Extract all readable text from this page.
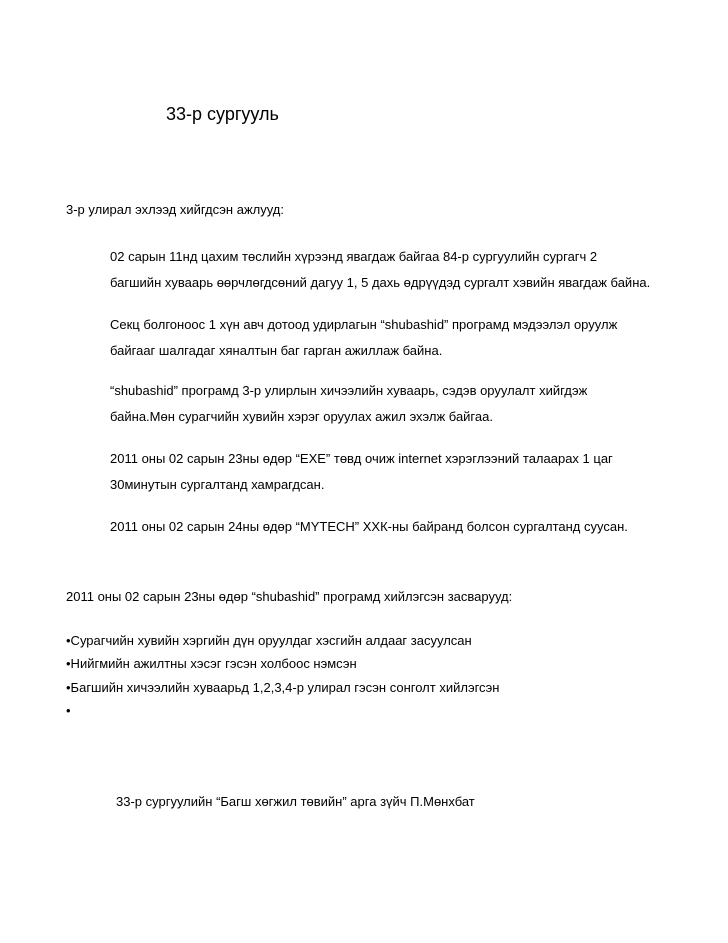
33-р сургууль

3-р улирал эхлээд хийгдсэн ажлууд:

02 сарын 11нд цахим төслийн хүрээнд явагдаж байгаа 84-р сургуулийн сургагч 2
багшийн хуваарь өөрчлөгдсөний дагуу 1, 5 дахь өдрүүдэд сургалт хэвийн явагдаж байна.
Секц болгоноос 1 хүн авч дотоод удирлагын “shubashid” програмд мэдээлэл оруулж
байгааг шалгадаг хяналтын баг гарган ажиллаж байна.
“shubashid” програмд 3-р улирлын хичээлийн хуваарь, сэдэв оруулалт хийгдэж
байна.Мөн сурагчийн хувийн хэрэг оруулах ажил эхэлж байгаа.
2011 оны 02 сарын 23ны өдөр “EXE” төвд очиж internet хэрэглээний талаарах 1 цаг
30минутын сургалтанд хамрагдсан.
2011 оны 02 сарын 24ны өдөр “MYTECH” ХХК-ны байранд болсон сургалтанд суусан.

2011 оны 02 сарын 23ны өдөр “shubashid” програмд хийлэгсэн засварууд:

•Сурагчийн хувийн хэргийн дүн оруулдаг хэсгийн алдааг засуулсан

•Нийгмийн ажилтны хэсэг гэсэн холбоос нэмсэн

•Багшийн хичээлийн хуваарьд 1,2,3,4-р улирал гэсэн сонголт хийлэгсэн

•

33-р сургуулийн “Багш хөгжил төвийн” арга зүйч П.Мөнхбат
